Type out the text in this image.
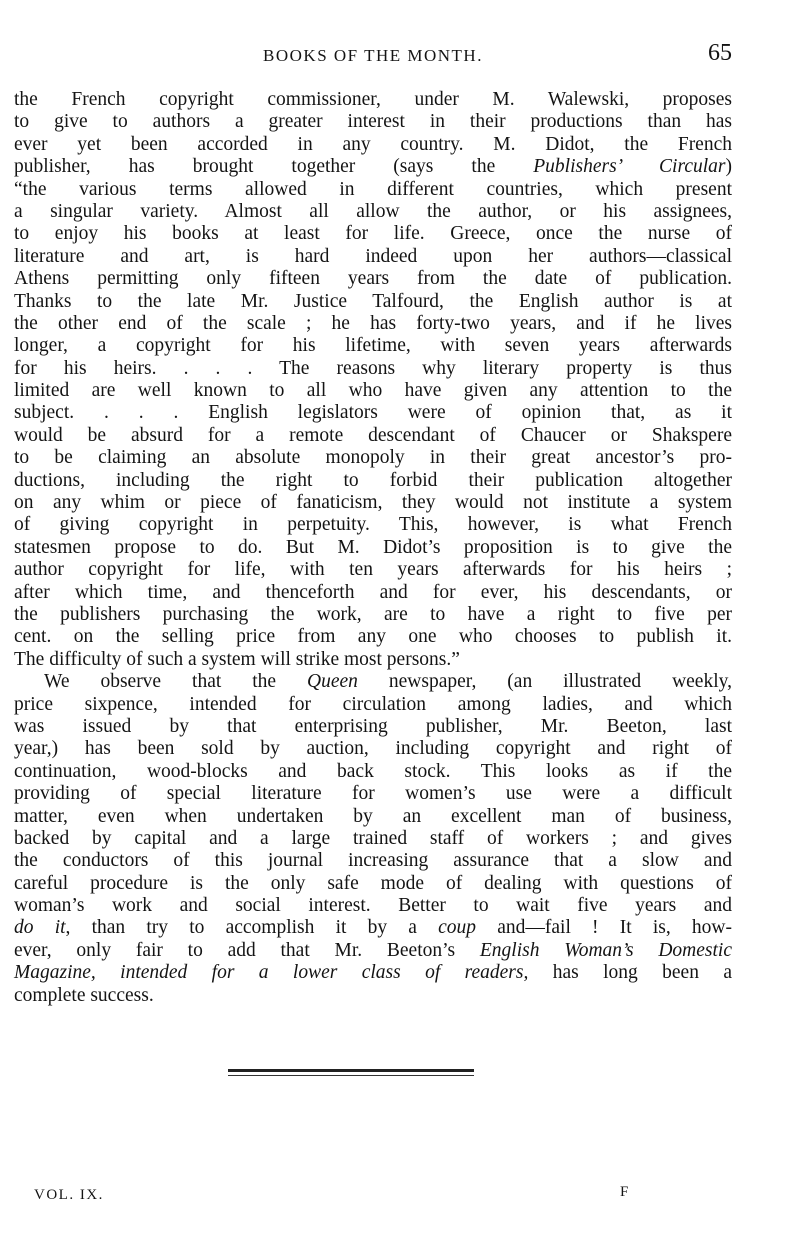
BOOKS OF THE MONTH.	65
the French copyright commissioner, under M. Walewski, proposes
to give to authors a greater interest in their productions than has
ever yet been accorded in any country. M. Didot, the French
publisher, has brought together (says the Publishers’ Circular)
“the various terms allowed in different countries, which present
a singular variety. Almost all allow the author, or his assignees,
to enjoy his books at least for life. Greece, once the nurse of
literature and art, is hard indeed upon her authors—classical
Athens permitting only fifteen years from the date of publication.
Thanks to the late Mr. Justice Talfourd, the English author is at
the other end of the scale ; he has forty-two years, and if he lives
longer, a copyright for his lifetime, with seven years afterwards
for his heirs. . . . The reasons why literary property is thus
limited are well known to all who have given any attention to the
subject. . . . English legislators were of opinion that, as it
would be absurd for a remote descendant of Chaucer or Shakspere
to be claiming an absolute monopoly in their great ancestor’s pro-
ductions, including the right to forbid their publication altogether
on any whim or piece of fanaticism, they would not institute a system
of giving copyright in perpetuity. This, however, is what French
statesmen propose to do. But M. Didot’s proposition is to give the
author copyright for life, with ten years afterwards for his heirs ;
after which time, and thenceforth and for ever, his descendants, or
the publishers purchasing the work, are to have a right to five per
cent. on the selling price from any one who chooses to publish it.
The difficulty of such a system will strike most persons.”
We observe that the Queen newspaper, (an illustrated weekly,
price sixpence, intended for circulation among ladies, and which
was issued by that enterprising publisher, Mr. Beeton, last
year,) has been sold by auction, including copyright and right of
continuation, wood-blocks and back stock. This looks as if the
providing of special literature for women’s use were a difficult
matter, even when undertaken by an excellent man of business,
backed by capital and a large trained staff of workers ; and gives
the conductors of this journal increasing assurance that a slow and
careful procedure is the only safe mode of dealing with questions of
woman’s work and social interest. Better to wait five years and
do it, than try to accomplish it by a coup and—fail ! It is, how-
ever, only fair to add that Mr. Beeton’s English Woman’s Domestic
Magazine, intended for a lower class of readers, has long been a
complete success.
VOL. IX.	F
